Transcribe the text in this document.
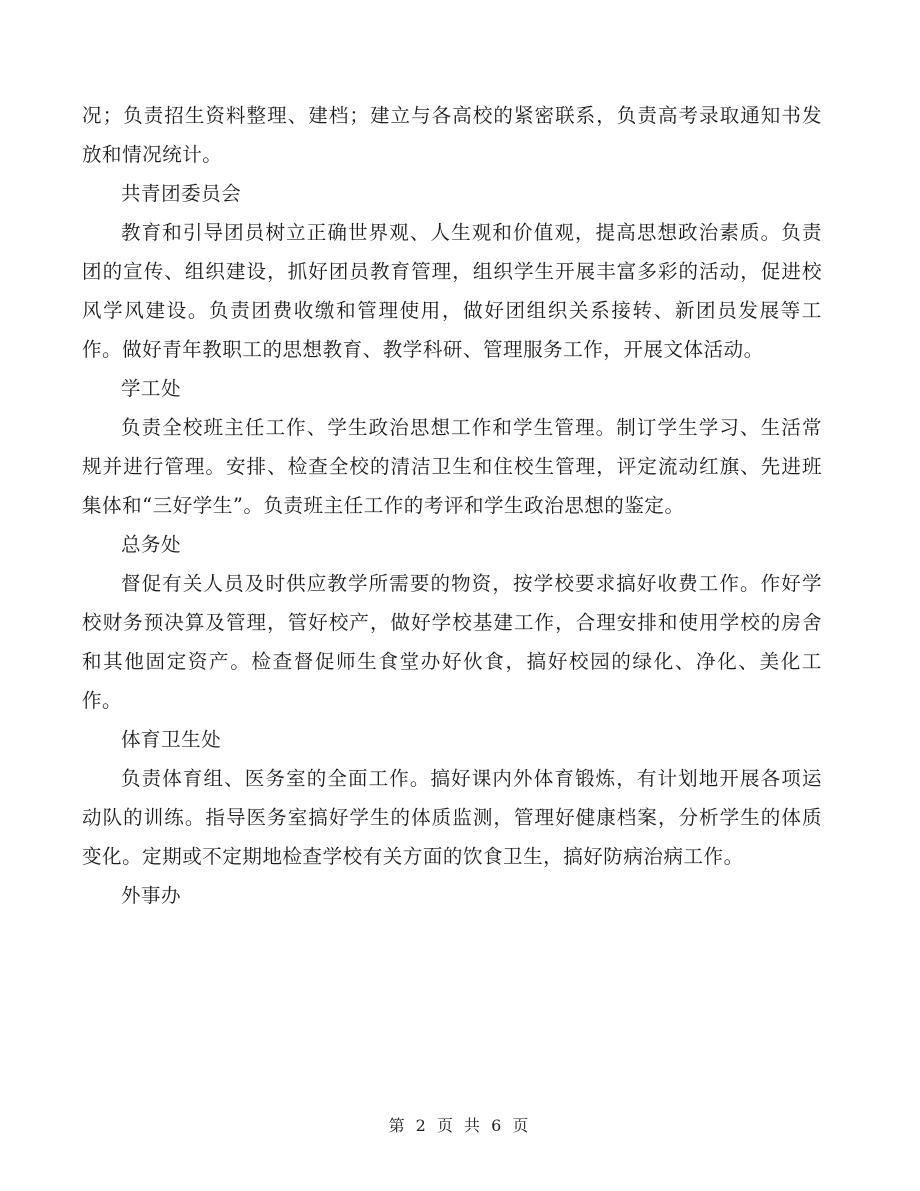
况；负责招生资料整理、建档；建立与各高校的紧密联系，负责高考录取通知书发放和情况统计。

共青团委员会

教育和引导团员树立正确世界观、人生观和价值观，提高思想政治素质。负责团的宣传、组织建设，抓好团员教育管理，组织学生开展丰富多彩的活动，促进校风学风建设。负责团费收缴和管理使用，做好团组织关系接转、新团员发展等工作。做好青年教职工的思想教育、教学科研、管理服务工作，开展文体活动。

学工处

负责全校班主任工作、学生政治思想工作和学生管理。制订学生学习、生活常规并进行管理。安排、检查全校的清洁卫生和住校生管理，评定流动红旗、先进班集体和“三好学生”。负责班主任工作的考评和学生政治思想的鉴定。

总务处

督促有关人员及时供应教学所需要的物资，按学校要求搞好收费工作。作好学校财务预决算及管理，管好校产，做好学校基建工作，合理安排和使用学校的房舍和其他固定资产。检查督促师生食堂办好伙食，搞好校园的绿化、净化、美化工作。

体育卫生处

负责体育组、医务室的全面工作。搞好课内外体育锻炼，有计划地开展各项运动队的训练。指导医务室搞好学生的体质监测，管理好健康档案，分析学生的体质变化。定期或不定期地检查学校有关方面的饮食卫生，搞好防病治病工作。

外事办

第 2 页 共 6 页
